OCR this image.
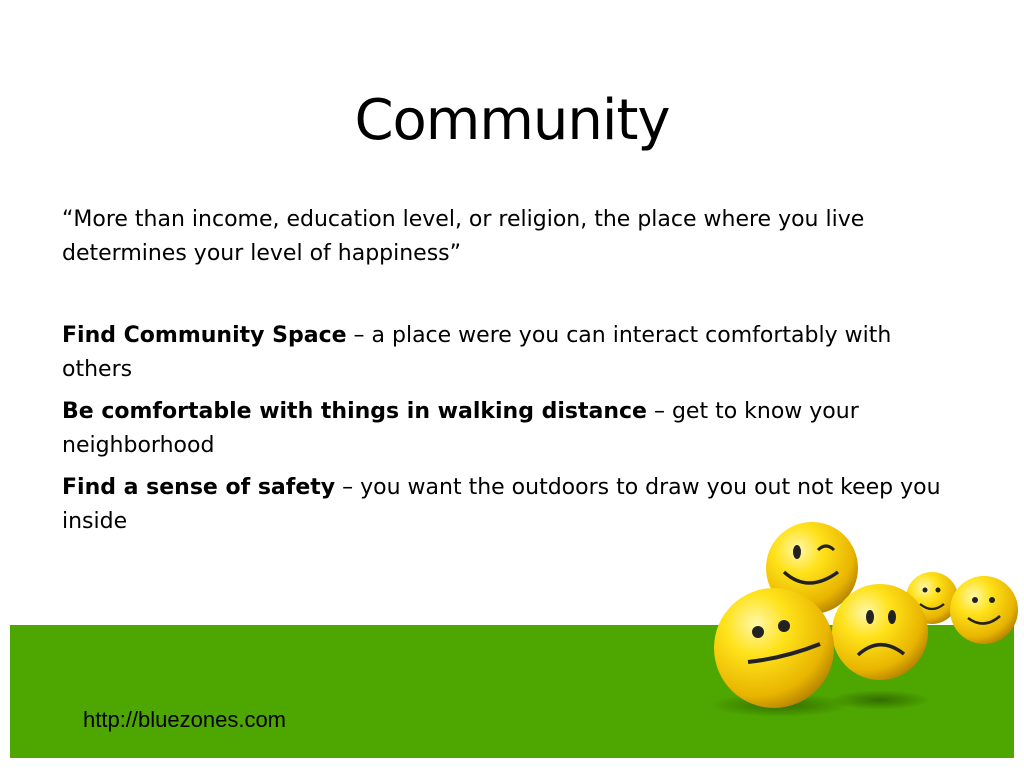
Community

“More than income, education level, or religion, the place where you live determines your level of happiness”

Find Community Space – a place were you can interact comfortably with others

Be comfortable with things in walking distance – get to know your neighborhood

Find a sense of safety – you want the outdoors to draw you out not keep you inside

http://bluezones.com
